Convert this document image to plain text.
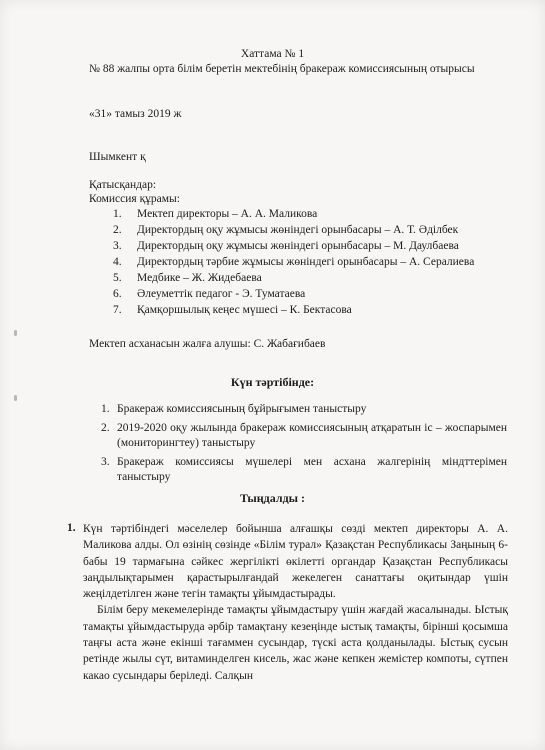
Хаттама № 1
№ 88 жалпы орта білім беретін мектебінің бракераж комиссиясының отырысы
«31» тамыз 2019 ж
Шымкент қ
Қатысқандар:
Комиссия құрамы:
1. Мектеп директоры – А. А. Маликова
2. Директордың оқу жұмысы жөніндегі орынбасары – А. Т. Әділбек
3. Директордың оқу жұмысы жөніндегі орынбасары – М. Даулбаева
4. Директордың тәрбие жұмысы жөніндегі орынбасары – А. Сералиева
5. Медбике – Ж. Жидебаева
6. Әлеуметтік педагог - Э. Туматаева
7. Қамқоршылық кеңес мүшесі – К. Бектасова
Мектеп асханасын жалға алушы: С. Жабағибаев
Күн тәртібінде:
1. Бракераж комиссиясының бұйрығымен таныстыру
2. 2019-2020 оқу жылында бракераж комиссиясының атқаратын іс – жоспарымен (мониторингтеу) таныстыру
3. Бракераж комиссиясы мүшелері мен асхана жалгерінің міндттерімен таныстыру
Тыңдалды :
1. Күн тәртібіндегі мәселелер бойынша алғашқы сөзді мектеп директоры А. А. Маликова алды. Ол өзінің сөзінде «Білім турал» Қазақстан Республикасы Заңының 6- бабы 19 тармағына сәйкес жергілікті өкілетті органдар Қазақстан Республикасы заңдылықтарымен қарастырылғандай жекелеген санаттағы оқитындар үшін жеңілдетілген және тегін тамақты ұйымдастырады.

Білім беру мекемелерінде тамақты ұйымдастыру үшін жағдай жасалынады. Ыстық тамақты ұйымдастыруда әрбір тамақтану кезеңінде ыстық тамақты, бірінші қосымша таңғы аста және екінші тағаммен сусындар, түскі аста қолданылады. Ыстық сусын ретінде жылы сүт, витаминделген кисель, жас және кепкен жемістер компоты, сүтпен какао сусындары беріледі. Салқын
